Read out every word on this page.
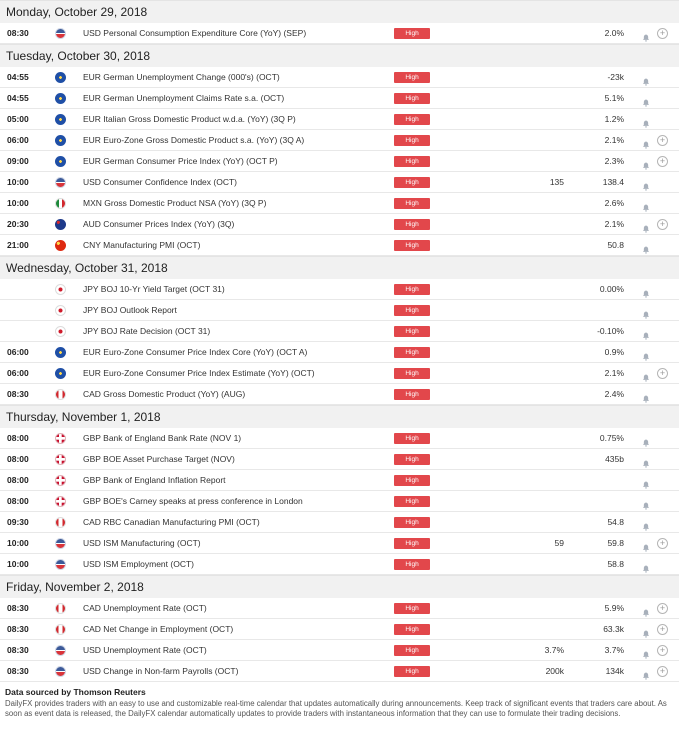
Monday, October 29, 2018
08:30	USD Personal Consumption Expenditure Core (YoY) (SEP)	High	2.0%	+
Tuesday, October 30, 2018
04:55	EUR German Unemployment Change (000's) (OCT)	High	-23k
04:55	EUR German Unemployment Claims Rate s.a. (OCT)	High	5.1%
05:00	EUR Italian Gross Domestic Product w.d.a. (YoY) (3Q P)	High	1.2%
06:00	EUR Euro-Zone Gross Domestic Product s.a. (YoY) (3Q A)	High	2.1%	+
09:00	EUR German Consumer Price Index (YoY) (OCT P)	High	2.3%	+
10:00	USD Consumer Confidence Index (OCT)	High	135	138.4
10:00	MXN Gross Domestic Product NSA (YoY) (3Q P)	High	2.6%
20:30	AUD Consumer Prices Index (YoY) (3Q)	High	2.1%	+
21:00	CNY Manufacturing PMI (OCT)	High	50.8
Wednesday, October 31, 2018
JPY BOJ 10-Yr Yield Target (OCT 31)	High	0.00%
JPY BOJ Outlook Report	High
JPY BOJ Rate Decision (OCT 31)	High	-0.10%
06:00	EUR Euro-Zone Consumer Price Index Core (YoY) (OCT A)	High	0.9%
06:00	EUR Euro-Zone Consumer Price Index Estimate (YoY) (OCT)	High	2.1%	+
08:30	CAD Gross Domestic Product (YoY) (AUG)	High	2.4%
Thursday, November 1, 2018
08:00	GBP Bank of England Bank Rate (NOV 1)	High	0.75%
08:00	GBP BOE Asset Purchase Target (NOV)	High	435b
08:00	GBP Bank of England Inflation Report	High
08:00	GBP BOE's Carney speaks at press conference in London	High
09:30	CAD RBC Canadian Manufacturing PMI (OCT)	High	54.8
10:00	USD ISM Manufacturing (OCT)	High	59	59.8	+
10:00	USD ISM Employment (OCT)	High	58.8
Friday, November 2, 2018
08:30	CAD Unemployment Rate (OCT)	High	5.9%	+
08:30	CAD Net Change in Employment (OCT)	High	63.3k	+
08:30	USD Unemployment Rate (OCT)	High	3.7%	3.7%	+
08:30	USD Change in Non-farm Payrolls (OCT)	High	200k	134k	+
Data sourced by Thomson Reuters
DailyFX provides traders with an easy to use and customizable real-time calendar that updates automatically during announcements. Keep track of significant events that traders care about. As soon as event data is released, the DailyFX calendar automatically updates to provide traders with instantaneous information that they can use to formulate their trading decisions.
